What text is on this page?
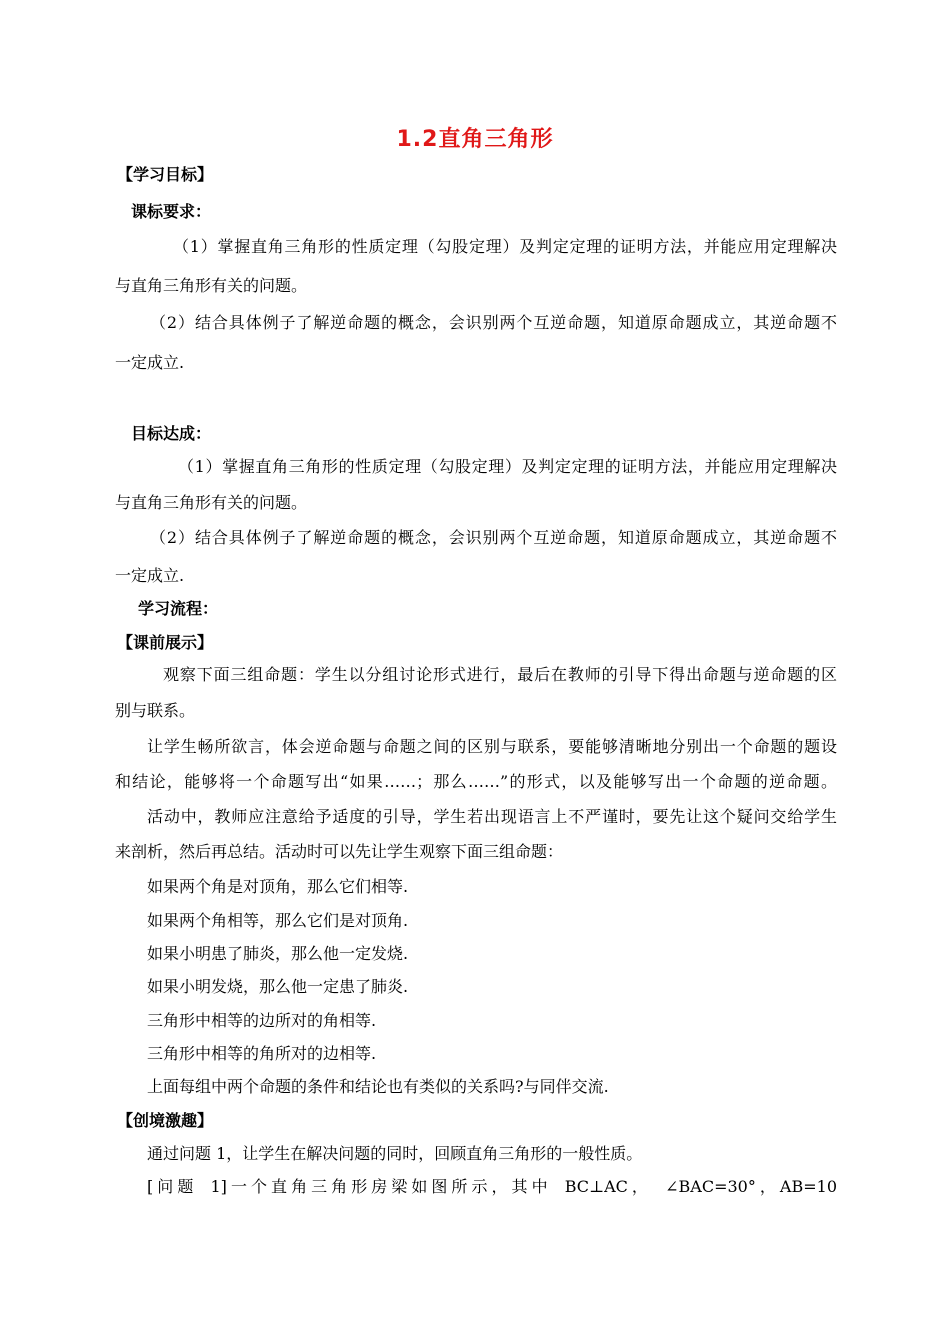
1.2直角三角形
【学习目标】
课标要求：
（1）掌握直角三角形的性质定理（勾股定理）及判定定理的证明方法，并能应用定理解决
与直角三角形有关的问题。
（2）结合具体例子了解逆命题的概念，会识别两个互逆命题，知道原命题成立，其逆命题不
一定成立.
目标达成：
（1）掌握直角三角形的性质定理（勾股定理）及判定定理的证明方法，并能应用定理解决
与直角三角形有关的问题。
（2）结合具体例子了解逆命题的概念，会识别两个互逆命题，知道原命题成立，其逆命题不
一定成立.
学习流程：
【课前展示】
观察下面三组命题：学生以分组讨论形式进行，最后在教师的引导下得出命题与逆命题的区
别与联系。
让学生畅所欲言，体会逆命题与命题之间的区别与联系，要能够清晰地分别出一个命题的题设
和结论，能够将一个命题写出“如果……；那么……”的形式，以及能够写出一个命题的逆命题。
活动中，教师应注意给予适度的引导，学生若出现语言上不严谨时，要先让这个疑问交给学生
来剖析，然后再总结。活动时可以先让学生观察下面三组命题：
如果两个角是对顶角，那么它们相等.
如果两个角相等，那么它们是对顶角.
如果小明患了肺炎，那么他一定发烧.
如果小明发烧，那么他一定患了肺炎.
三角形中相等的边所对的角相等.
三角形中相等的角所对的边相等.
上面每组中两个命题的条件和结论也有类似的关系吗?与同伴交流.
【创境激趣】
通过问题 1，让学生在解决问题的同时，回顾直角三角形的一般性质。
[问题 1]一个直角三角形房梁如图所示，其中 BC⊥AC， ∠BAC=30°，AB=10
